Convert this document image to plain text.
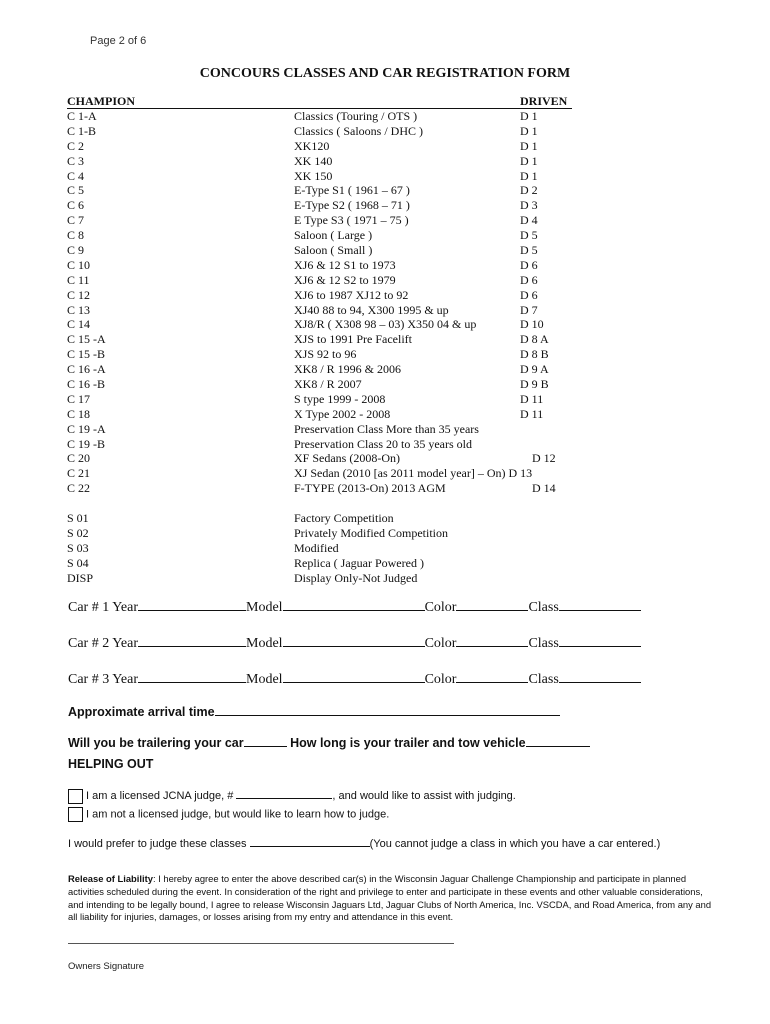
Page 2 of 6
CONCOURS CLASSES AND CAR REGISTRATION FORM
CHAMPION	DRIVEN
C 1-A	Classics (Touring / OTS )	D 1
C 1-B	Classics ( Saloons / DHC )	D 1
C 2	XK120	D 1
C 3	XK 140	D 1
C 4	XK 150	D 1
C 5	E-Type S1 ( 1961 – 67 )	D 2
C 6	E-Type S2 ( 1968 – 71 )	D 3
C 7	E Type S3 ( 1971 – 75 )	D 4
C 8	Saloon ( Large )	D 5
C 9	Saloon ( Small )	D 5
C 10	XJ6 & 12 S1 to 1973	D 6
C 11	XJ6 & 12 S2 to 1979	D 6
C 12	XJ6 to 1987 XJ12 to 92	D 6
C 13	XJ40 88 to 94, X300 1995 & up	D 7
C 14	XJ8/R ( X308 98 – 03) X350 04 & up	D 10
C 15 -A	XJS to 1991 Pre Facelift	D 8 A
C 15 -B	XJS 92 to 96	D 8 B
C 16 -A	XK8 / R 1996 & 2006	D 9 A
C 16 -B	XK8 / R 2007	D 9 B
C 17	S type 1999 - 2008	D 11
C 18	X Type 2002 - 2008	D 11
C 19 -A	Preservation Class More than 35 years
C 19 -B	Preservation Class 20 to 35 years old
C 20	XF Sedans (2008-On)	D 12
C 21	XJ Sedan (2010 [as 2011 model year] – On) D 13
C 22	F-TYPE (2013-On) 2013 AGM	D 14
S 01	Factory Competition
S 02	Privately Modified Competition
S 03	Modified
S 04	Replica ( Jaguar Powered )
DISP	Display Only-Not Judged
Car # 1 Year	Model	Color	Class
Car # 2 Year	Model	Color	Class
Car # 3 Year	Model	Color	Class
Approximate arrival time
Will you be trailering your car	How long is your trailer and tow vehicle
HELPING OUT
I am a licensed JCNA judge, #	, and would like to assist with judging.
I am not a licensed judge, but would like to learn how to judge.
I would prefer to judge these classes	(You cannot judge a class in which you have a car entered.)
Release of Liability: I hereby agree to enter the above described car(s) in the Wisconsin Jaguar Challenge Championship and participate in planned activities scheduled during the event. In consideration of the right and privilege to enter and participate in these events and other valuable considerations, and intending to be legally bound, I agree to release Wisconsin Jaguars Ltd, Jaguar Clubs of North America, Inc. VSCDA, and Road America, from any and all liability for injuries, damages, or losses arising from my entry and attendance in this event.
Owners Signature
